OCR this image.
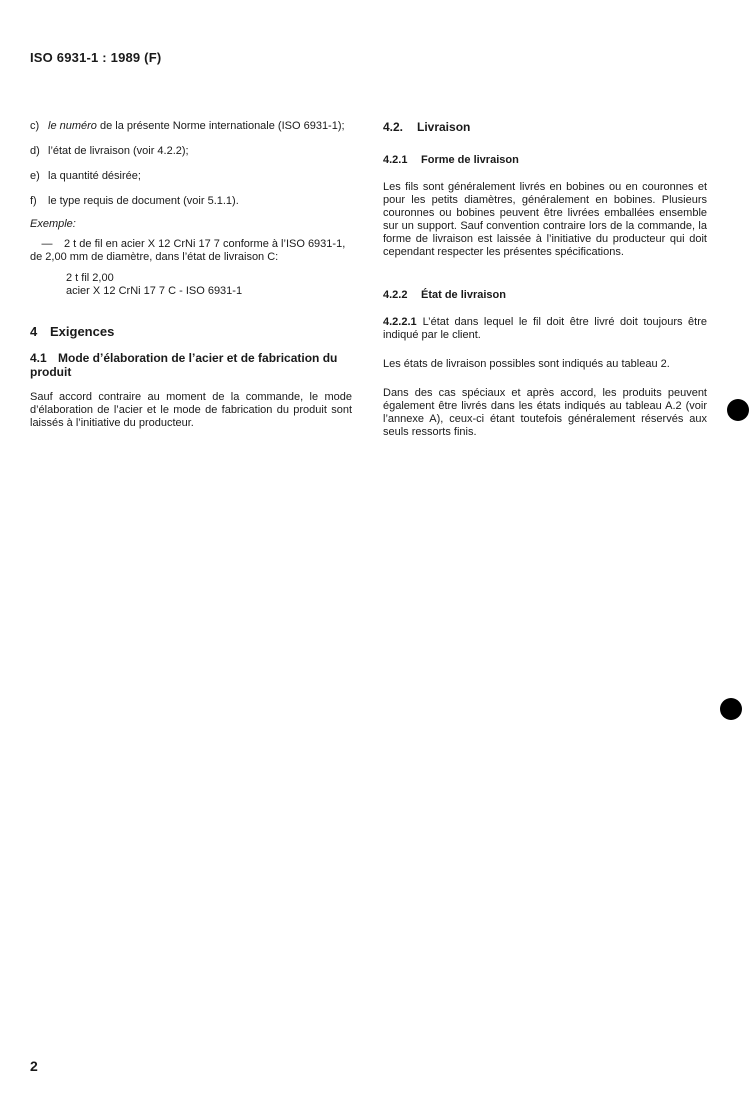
ISO 6931-1 : 1989 (F)
c) le numéro de la présente Norme internationale (ISO 6931-1);
d) l’état de livraison (voir 4.2.2);
e) la quantité désirée;
f)	le type requis de document (voir 5.1.1).
Exemple:
—	2 t de fil en acier X 12 CrNi 17 7 conforme à l’ISO 6931-1,
de 2,00 mm de diamètre, dans l’état de livraison C:
2 t fil 2,00
acier X 12 CrNi 17 7 C - ISO 6931-1
4 Exigences
4.1 Mode d’élaboration de l’acier et de fabrication du produit

Sauf accord contraire au moment de la commande, le mode d’élaboration de l’acier et le mode de fabrication du produit sont laissés à l’initiative du producteur.

4.2. Livraison
4.2.1 Forme de livraison

Les fils sont généralement livrés en bobines ou en couronnes et pour les petits diamètres, généralement en bobines. Plusieurs couronnes ou bobines peuvent être livrées emballées ensemble sur un support. Sauf convention contraire lors de la commande, la forme de livraison est laissée à l’initiative du producteur qui doit cependant respecter les présentes spécifications.

4.2.2 État de livraison

4.2.2.1 L’état dans lequel le fil doit être livré doit toujours être indiqué par le client.

Les états de livraison possibles sont indiqués au tableau 2.

Dans des cas spéciaux et après accord, les produits peuvent également être livrés dans les états indiqués au tableau A.2 (voir l’annexe A), ceux-ci étant toutefois généralement réservés aux seuls ressorts finis.

2
